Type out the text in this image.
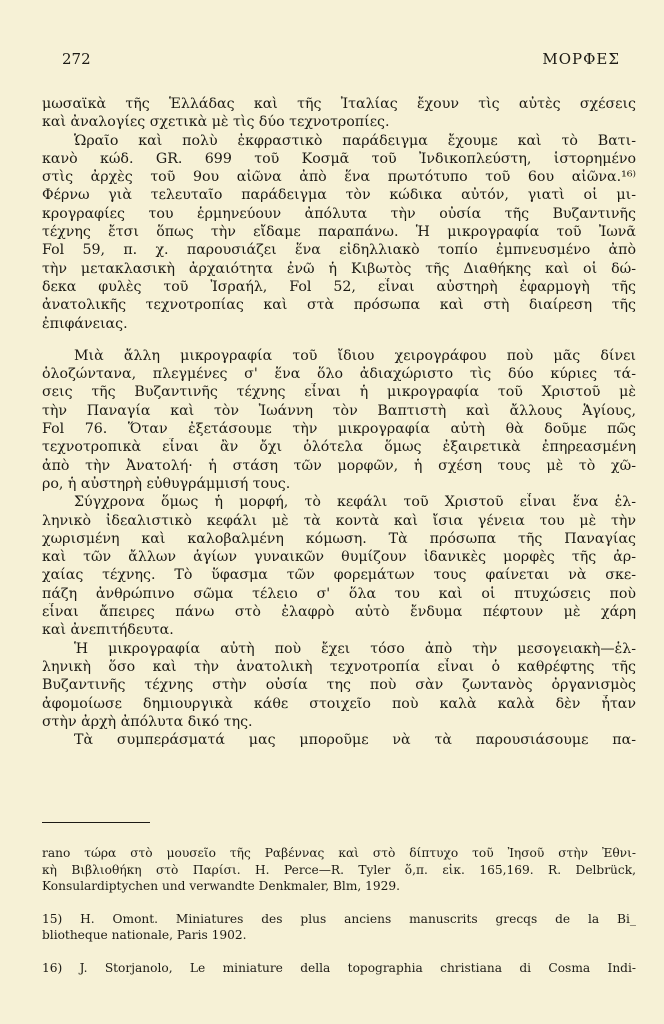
272	ΜΟΡΦΕΣ
μωσαϊκὰ τῆς Ἑλλάδας καὶ τῆς Ἰταλίας ἔχουν τὶς αὐτὲς σχέσεις
καὶ ἀναλογίες σχετικὰ μὲ τὶς δύο τεχνοτροπίες.
Ὡραῖο καὶ πολὺ ἐκφραστικὸ παράδειγμα ἔχουμε καὶ τὸ Βατι-
κανὸ κώδ. GR. 699 τοῦ Κοσμᾶ τοῦ Ἰνδικοπλεύστη, ἱστορημένο
στὶς ἀρχὲς τοῦ 9ου αἰῶνα ἀπὸ ἕνα πρωτότυπο τοῦ 6ου αἰῶνα.¹⁶⁾
Φέρνω γιὰ τελευταῖο παράδειγμα τὸν κώδικα αὐτόν, γιατὶ οἱ μι-
κρογραφίες του ἑρμηνεύουν ἀπόλυτα τὴν οὐσία τῆς Βυζαντινῆς
τέχνης ἔτσι ὅπως τὴν εἴδαμε παραπάνω. Ἡ μικρογραφία τοῦ Ἰωνᾶ
Fol 59, π. χ. παρουσιάζει ἕνα εἰδηλλιακὸ τοπίο ἐμπνευσμένο ἀπὸ
τὴν μετακλασικὴ ἀρχαιότητα ἐνῶ ἡ Κιβωτὸς τῆς Διαθήκης καὶ οἱ δώ-
δεκα φυλὲς τοῦ Ἰσραήλ, Fol 52, εἶναι αὐστηρὴ ἐφαρμογὴ τῆς
ἀνατολικῆς τεχνοτροπίας καὶ στὰ πρόσωπα καὶ στὴ διαίρεση τῆς
ἐπιφάνειας.
Μιὰ ἄλλη μικρογραφία τοῦ ἴδιου χειρογράφου ποὺ μᾶς δίνει
ὁλοζώντανα, πλεγμένες σ' ἕνα ὅλο ἀδιαχώριστο τὶς δύο κύριες τά-
σεις τῆς Βυζαντινῆς τέχνης εἶναι ἡ μικρογραφία τοῦ Χριστοῦ μὲ
τὴν Παναγία καὶ τὸν Ἰωάννη τὸν Βαπτιστὴ καὶ ἄλλους Ἁγίους,
Fol 76. Ὅταν ἐξετάσουμε τὴν μικρογραφία αὐτὴ θὰ δοῦμε πῶς
τεχνοτροπικὰ εἶναι ἂν ὄχι ὁλότελα ὅμως ἐξαιρετικὰ ἐπηρεασμένη
ἀπὸ τὴν Ἀνατολή· ἡ στάση τῶν μορφῶν, ἡ σχέση τους μὲ τὸ χῶ-
ρο, ἡ αὐστηρὴ εὐθυγράμμισή τους.
Σύγχρονα ὅμως ἡ μορφή, τὸ κεφάλι τοῦ Χριστοῦ εἶναι ἕνα ἑλ-
ληνικὸ ἰδεαλιστικὸ κεφάλι μὲ τὰ κοντὰ καὶ ἴσια γένεια του μὲ τὴν
χωρισμένη καὶ καλοβαλμένη κόμωση. Τὰ πρόσωπα τῆς Παναγίας
καὶ τῶν ἄλλων ἁγίων γυναικῶν θυμίζουν ἰδανικὲς μορφὲς τῆς ἀρ-
χαίας τέχνης. Τὸ ὕφασμα τῶν φορεμάτων τους φαίνεται νὰ σκε-
πάζη ἀνθρώπινο σῶμα τέλειο σ' ὅλα του καὶ οἱ πτυχώσεις ποὺ
εἶναι ἄπειρες πάνω στὸ ἐλαφρὸ αὐτὸ ἔνδυμα πέφτουν μὲ χάρη
καὶ ἀνεπιτήδευτα.
Ἡ μικρογραφία αὐτὴ ποὺ ἔχει τόσο ἀπὸ τὴν μεσογειακὴ—ἑλ-
ληνικὴ ὅσο καὶ τὴν ἀνατολικὴ τεχνοτροπία εἶναι ὁ καθρέφτης τῆς
Βυζαντινῆς τέχνης στὴν οὐσία της ποὺ σὰν ζωντανὸς ὀργανισμὸς
ἀφομοίωσε δημιουργικὰ κάθε στοιχεῖο ποὺ καλὰ καλὰ δὲν ἦταν
στὴν ἀρχὴ ἀπόλυτα δικό της.
Τὰ συμπεράσματά μας μποροῦμε νὰ τὰ παρουσιάσουμε πα-
ranο τώρα στὸ μουσεῖο τῆς Ραβέννας καὶ στὸ δίπτυχο τοῦ Ἰησοῦ στὴν Ἐθνι-
κὴ Βιβλιοθήκη στὸ Παρίσι. H. Perce—R. Tyler ὅ,π. εἰκ. 165,169. R. Delbrück,
Konsulardiptychen und verwandte Denkmaler, Blm, 1929.
15) H. Omont. Miniatures des plus anciens manuscrits grecqs de la Bi_
bliotheque nationale, Paris 1902.
16) J. Storjanolo, Le miniature della topographia christiana di Cosma Indi-
